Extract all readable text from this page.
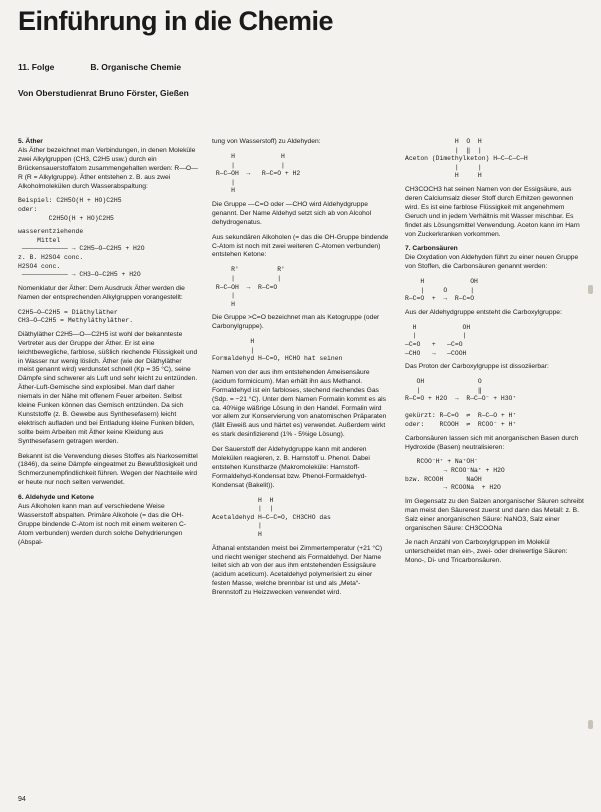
Einführung in die Chemie
11. Folge	B. Organische Chemie
Von Oberstudienrat Bruno Förster, Gießen

5. Äther

Als Äther bezeichnet man Verbindungen, in denen Moleküle zwei Alkylgruppen (CH3, C2H5 usw.) durch ein Brückensauerstoffatom zusammengehalten werden: R—O—R (R = Alkylgruppe). Äther entstehen z. B. aus zwei Alkoholmolekülen durch Wasserabspaltung:

Beispiel: C2H5O(H + HO)C2H5
oder:
C2H5O(H + HO)C2H5
wasserentziehende
Mittel
———————————— → C2H5—O—C2H5 + H2O
z. B. H2SO4 conc.
H2SO4 conc.
———————————— → CH3—O—C2H5 + H2O

Nomenklatur der Äther: Dem Ausdruck Äther werden die Namen der entsprechenden Alkylgruppen vorangestellt:

C2H5—O—C2H5 = Diäthyläther
CH3—O—C2H5 = Methyläthyläther.

Diäthyläther C2H5—O—C2H5 ist wohl der bekannteste Vertreter aus der Gruppe der Äther. Er ist eine leichtbewegliche, farblose, süßlich riechende Flüssigkeit und in Wasser nur wenig löslich. Äther (wie der Diäthyläther meist genannt wird) verdunstet schnell (Kp = 35 °C), seine Dämpfe sind schwerer als Luft und sehr leicht zu entzünden. Äther-Luft-Gemische sind explosibel. Man darf daher niemals in der Nähe mit offenem Feuer arbeiten. Selbst kleine Funken können das Gemisch entzünden. Da sich Kunststoffe (z. B. Gewebe aus Synthesefasern) leicht elektrisch aufladen und bei Entladung kleine Funken bilden, sollte beim Arbeiten mit Äther keine Kleidung aus Synthesefasern getragen werden.

Bekannt ist die Verwendung dieses Stoffes als Narkosemittel (1846), da seine Dämpfe eingeatmet zu Bewußtlosigkeit und Schmerzunempfindlichkeit führen. Wegen der Nachteile wird er heute nur noch selten verwendet.

6. Aldehyde und Ketone

Aus Alkoholen kann man auf verschiedene Weise Wasserstoff abspalten. Primäre Alkohole (= das die OH-Gruppe bindende C-Atom ist noch mit einem weiteren C-Atom verbunden) werden durch solche Dehydrierungen (Abspal-

tung von Wasserstoff) zu Aldehyden:

H            H
|            |
R—C—OH  →   R—C=O + H2
|
H

Die Gruppe —C=O oder —CHO wird Aldehydgruppe genannt. Der Name Aldehyd setzt sich ab von Alcohol dehydrogenatus.

Aus sekundären Alkoholen (= das die OH-Gruppe bindende C-Atom ist noch mit zwei weiteren C-Atomen verbunden) entstehen Ketone:

R'          R'
|           |
R—C—OH  →  R—C=O
|
H

Die Gruppe >C=O bezeichnet man als Ketogruppe (oder Carbonylgruppe).

H
|
Formaldehyd H—C=O, HCHO hat seinen

Namen von der aus ihm entstehenden Ameisensäure (acidum formicicum). Man erhält ihn aus Methanol. Formaldehyd ist ein farbloses, stechend riechendes Gas (Sdp. = −21 °C). Unter dem Namen Formalin kommt es als ca. 40%ige wäßrige Lösung in den Handel. Formalin wird vor allem zur Konservierung von anatomischen Präparaten (fällt Eiweiß aus und härtet es) verwendet. Außerdem wirkt es stark desinfizierend (1% - 5%ige Lösung).

Der Sauerstoff der Aldehydgruppe kann mit anderen Molekülen reagieren, z. B. Harnstoff u. Phenol. Dabei entstehen Kunstharze (Makromoleküle: Harnstoff-Formaldehyd-Kondensat bzw. Phenol-Formaldehyd-Kondensat (Bakelit)).

H  H
|  |
Acetaldehyd H—C—C=O, CH3CHO das
|
H

Äthanal entstanden meist bei Zimmertemperatur (+21 °C) und riecht weniger stechend als Formaldehyd. Der Name leitet sich ab von der aus ihm entstehenden Essigsäure (acidum aceticum). Acetaldehyd polymerisiert zu einer festen Masse, welche brennbar ist und als „Meta“-Brennstoff zu Heizzwecken verwendet wird.

H  O  H
|  ‖  |
Aceton (Dimethylketon) H—C—C—C—H
|     |
H     H

CH3COCH3 hat seinen Namen von der Essigsäure, aus deren Calciumsalz dieser Stoff durch Erhitzen gewonnen wird. Es ist eine farblose Flüssigkeit mit angenehmem Geruch und in jedem Verhältnis mit Wasser mischbar. Es findet als Lösungsmittel Verwendung. Aceton kann im Harn von Zuckerkranken vorkommen.

7. Carbonsäuren

Die Oxydation von Aldehyden führt zu einer neuen Gruppe von Stoffen, die Carbonsäuren genannt werden:

H            OH
|     O      |
R—C=O  +  →  R—C=O

Aus der Aldehydgruppe entsteht die Carboxylgruppe:

H            OH
|            |
—C=O   +   —C=O
—CHO   →   —COOH

Das Proton der Carboxylgruppe ist dissoziierbar:

OH              O
|               ‖
R—C=O + H2O  →  R—C—O⁻ + H3O⁺

gekürzt: R—C=O  ⇌  R—C—O + H⁺
oder:    RCOOH  ⇌  RCOO⁻ + H⁺

Carbonsäuren lassen sich mit anorganischen Basen durch Hydroxide (Basen) neutralisieren:

RCOO⁻H⁺ + Na⁺OH⁻
→ RCOO⁻Na⁺ + H2O
bzw. RCOOH      NaOH
→ RCOONa  + H2O

Im Gegensatz zu den Salzen anorganischer Säuren schreibt man meist den Säurerest zuerst und dann das Metall: z. B. Salz einer anorganischen Säure: NaNO3, Salz einer organischen Säure: CH3COONa

Je nach Anzahl von Carboxylgruppen im Molekül unterscheidet man ein-, zwei- oder dreiwertige Säuren: Mono-, Di- und Tricarbonsäuren.

94
